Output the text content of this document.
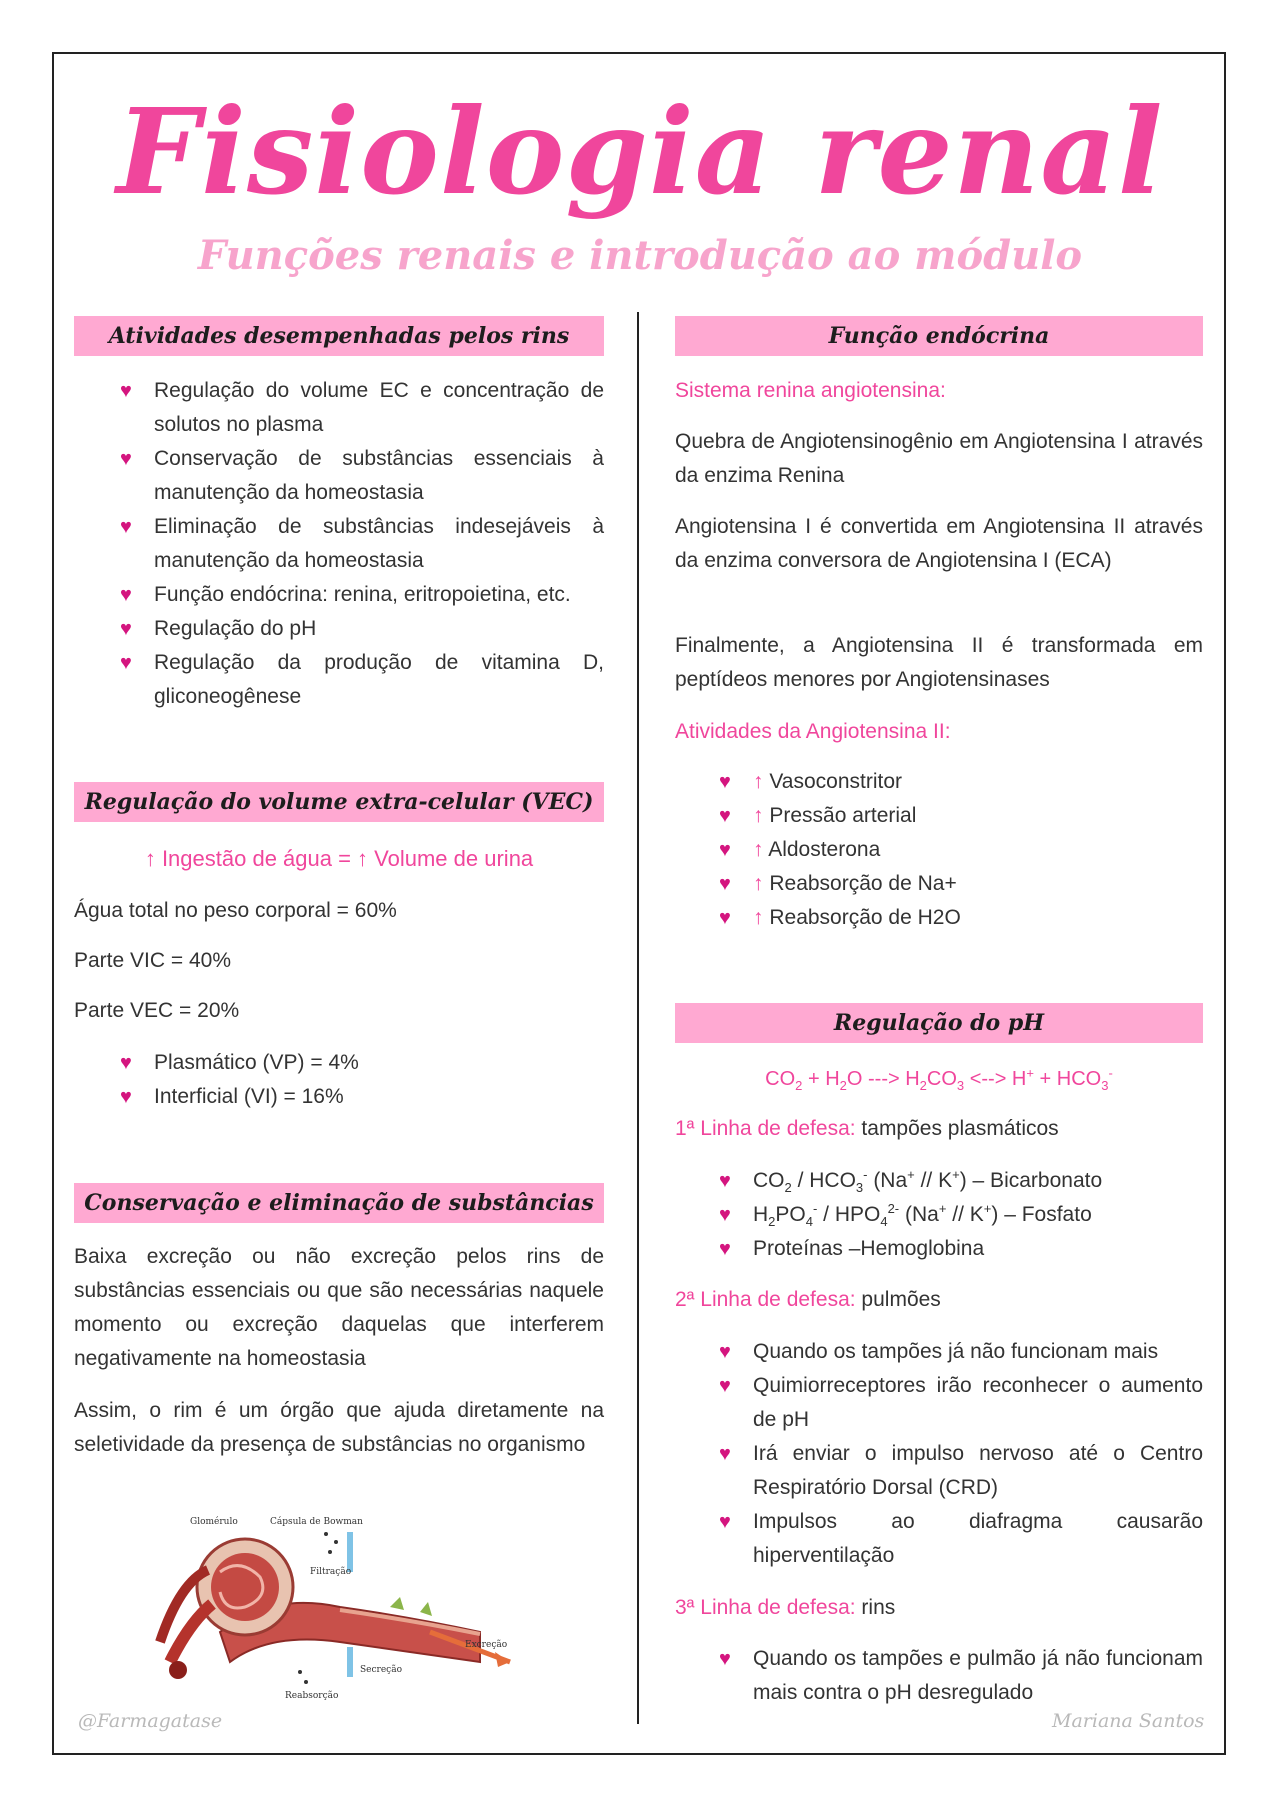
Fisiologia renal
Funções renais e introdução ao módulo
Atividades desempenhadas pelos rins
♥ Regulação do volume EC e concentração de solutos no plasma
♥ Conservação de substâncias essenciais à manutenção da homeostasia
♥ Eliminação de substâncias indesejáveis à manutenção da homeostasia
♥ Função endócrina: renina, eritropoietina, etc.
♥ Regulação do pH
♥ Regulação da produção de vitamina D, gliconeogênese
Regulação do volume extra-celular (VEC)
↑ Ingestão de água = ↑ Volume de urina
Água total no peso corporal = 60%
Parte VIC = 40%
Parte VEC = 20%
♥ Plasmático (VP) = 4%
♥ Interficial (VI) = 16%
Conservação e eliminação de substâncias
Baixa excreção ou não excreção pelos rins de substâncias essenciais ou que são necessárias naquele momento ou excreção daquelas que interferem negativamente na homeostasia
Assim, o rim é um órgão que ajuda diretamente na seletividade da presença de substâncias no organismo
Glomérulo	Cápsula de Bowman
Filtração
Excreção
Secreção
Reabsorção
Função endócrina
Sistema renina angiotensina:
Quebra de Angiotensinogênio em Angiotensina I através da enzima Renina
Angiotensina I é convertida em Angiotensina II através da enzima conversora de Angiotensina I (ECA)
Finalmente, a Angiotensina II é transformada em peptídeos menores por Angiotensinases
Atividades da Angiotensina II:
♥ ↑ Vasoconstritor
♥ ↑ Pressão arterial
♥ ↑ Aldosterona
♥ ↑ Reabsorção de Na+
♥ ↑ Reabsorção de H2O
Regulação do pH
$CO_2 + H_2O$ ---> $H_2CO_3$ <--> $H^+ + HCO_3^-$
1ª Linha de defesa: tampões plasmáticos
♥ $CO_2 / HCO_3^-$ (Na+ // K+) – Bicarbonato
♥ $H_2PO_4^- / HPO_4^{2-}$ (Na+ // K+) – Fosfato
♥ Proteínas –Hemoglobina
2ª Linha de defesa: pulmões
♥ Quando os tampões já não funcionam mais
♥ Quimiorreceptores irão reconhecer o aumento de pH
♥ Irá enviar o impulso nervoso até o Centro Respiratório Dorsal (CRD)
♥ Impulsos ao diafragma causarão hiperventilação
3ª Linha de defesa: rins
♥ Quando os tampões e pulmão já não funcionam mais contra o pH desregulado
@Farmagatase	Mariana Santos
